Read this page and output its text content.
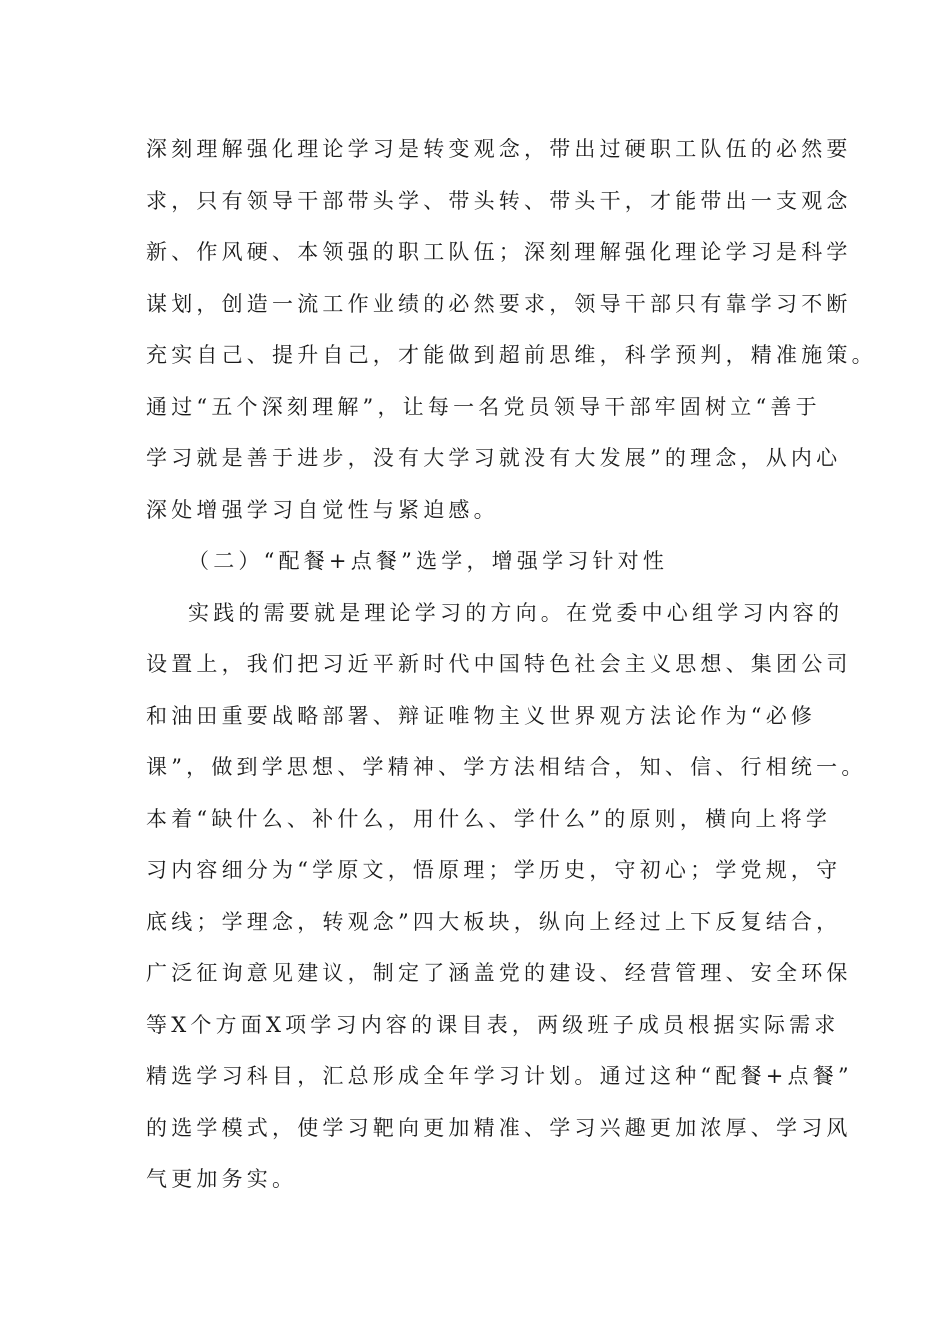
深刻理解强化理论学习是转变观念，带出过硬职工队伍的必然要
求，只有领导干部带头学、带头转、带头干，才能带出一支观念
新、作风硬、本领强的职工队伍；深刻理解强化理论学习是科学
谋划，创造一流工作业绩的必然要求，领导干部只有靠学习不断
充实自己、提升自己，才能做到超前思维，科学预判，精准施策。
通过“五个深刻理解”，让每一名党员领导干部牢固树立“善于
学习就是善于进步，没有大学习就没有大发展”的理念，从内心
深处增强学习自觉性与紧迫感。
（二）“配餐+点餐”选学，增强学习针对性
实践的需要就是理论学习的方向。在党委中心组学习内容的
设置上，我们把习近平新时代中国特色社会主义思想、集团公司
和油田重要战略部署、辩证唯物主义世界观方法论作为“必修
课”，做到学思想、学精神、学方法相结合，知、信、行相统一。
本着“缺什么、补什么，用什么、学什么”的原则，横向上将学
习内容细分为“学原文，悟原理；学历史，守初心；学党规，守
底线；学理念，转观念”四大板块，纵向上经过上下反复结合，
广泛征询意见建议，制定了涵盖党的建设、经营管理、安全环保
等X个方面X项学习内容的课目表，两级班子成员根据实际需求
精选学习科目，汇总形成全年学习计划。通过这种“配餐+点餐”
的选学模式，使学习靶向更加精准、学习兴趣更加浓厚、学习风
气更加务实。
